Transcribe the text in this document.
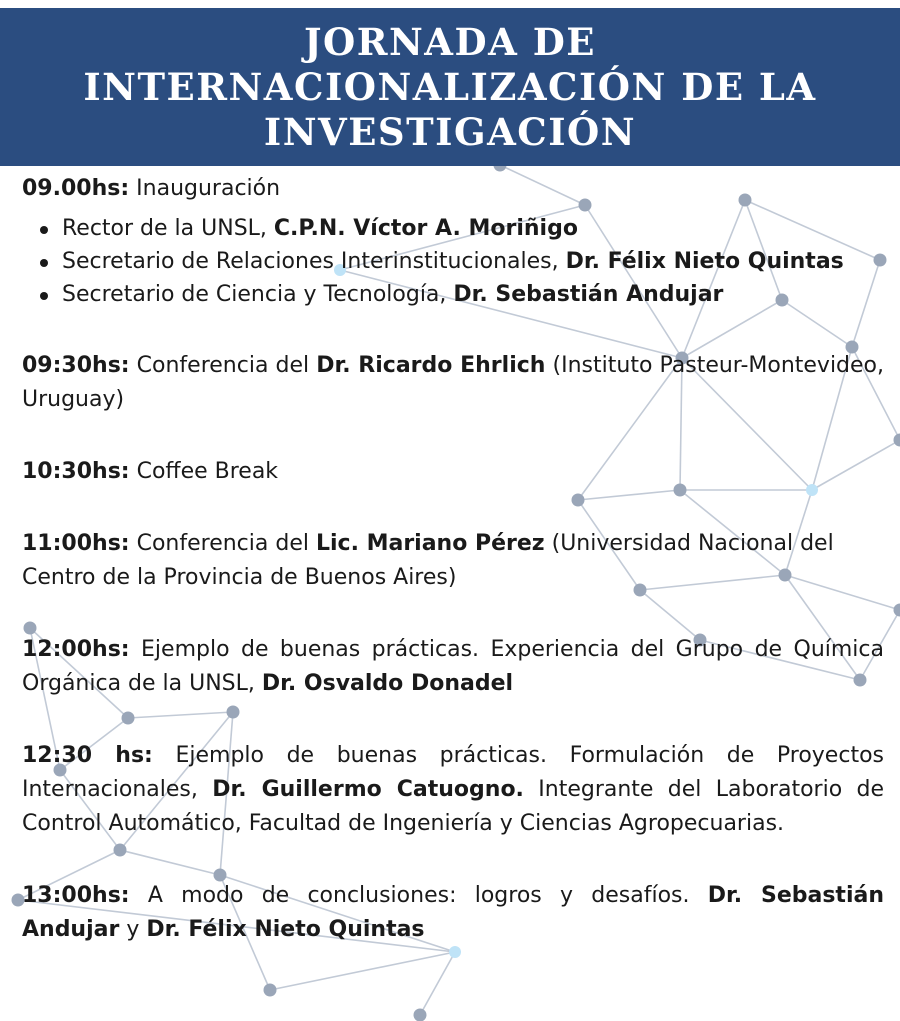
JORNADA DE
INTERNACIONALIZACIÓN DE LA
INVESTIGACIÓN

09.00hs: Inauguración

Rector de la UNSL, C.P.N. Víctor A. Moriñigo
Secretario de Relaciones Interinstitucionales, Dr. Félix Nieto Quintas
Secretario de Ciencia y Tecnología, Dr. Sebastián Andujar

09:30hs: Conferencia del Dr. Ricardo Ehrlich (Instituto Pasteur-Montevideo, Uruguay)

10:30hs: Coffee Break

11:00hs: Conferencia del Lic. Mariano Pérez (Universidad Nacional del Centro de la Provincia de Buenos Aires)

12:00hs: Ejemplo de buenas prácticas. Experiencia del Grupo de Química Orgánica de la UNSL, Dr. Osvaldo Donadel

12:30 hs: Ejemplo de buenas prácticas. Formulación de Proyectos Internacionales, Dr. Guillermo Catuogno. Integrante del Laboratorio de Control Automático, Facultad de Ingeniería y Ciencias Agropecuarias.

13:00hs: A modo de conclusiones: logros y desafíos. Dr. Sebastián Andujar y Dr. Félix Nieto Quintas
